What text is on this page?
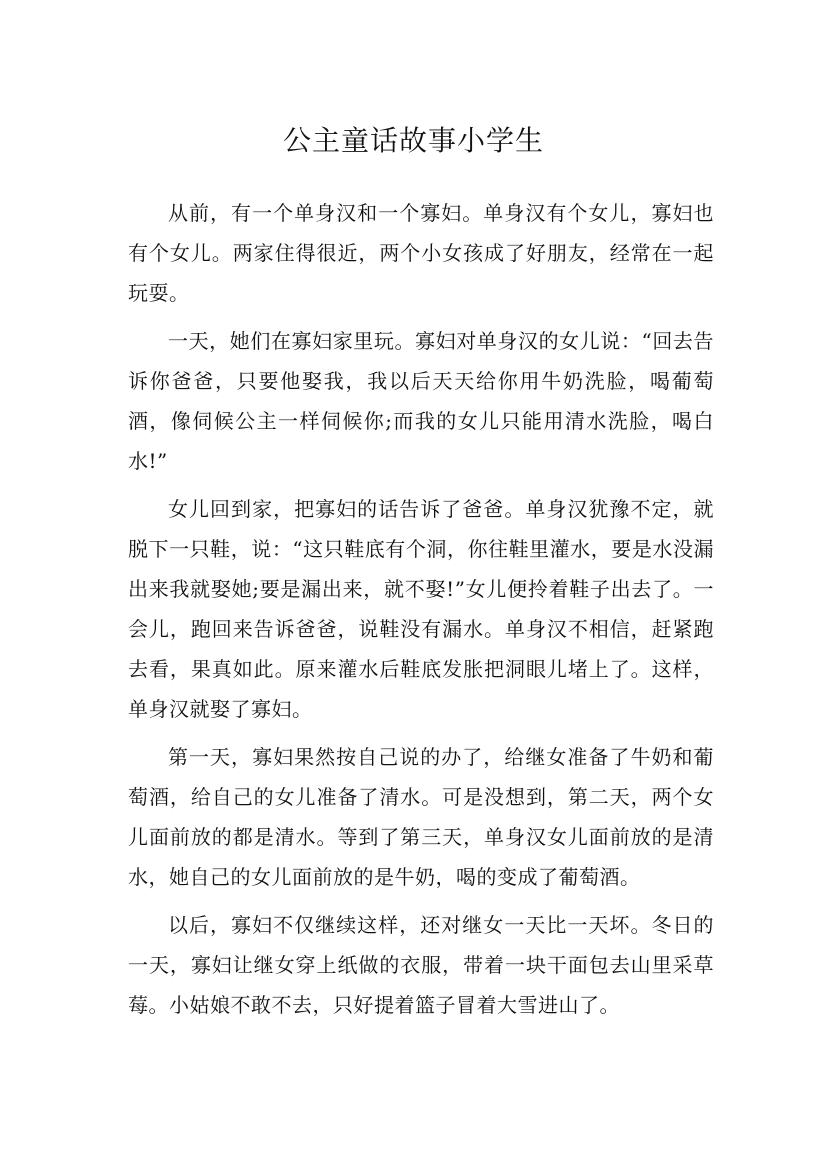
公主童话故事小学生

从前，有一个单身汉和一个寡妇。单身汉有个女儿，寡妇也有个女儿。两家住得很近，两个小女孩成了好朋友，经常在一起玩耍。

一天，她们在寡妇家里玩。寡妇对单身汉的女儿说：“回去告诉你爸爸，只要他娶我，我以后天天给你用牛奶洗脸，喝葡萄酒，像伺候公主一样伺候你;而我的女儿只能用清水洗脸，喝白水!”

女儿回到家，把寡妇的话告诉了爸爸。单身汉犹豫不定，就脱下一只鞋，说：“这只鞋底有个洞，你往鞋里灌水，要是水没漏出来我就娶她;要是漏出来，就不娶!”女儿便拎着鞋子出去了。一会儿，跑回来告诉爸爸，说鞋没有漏水。单身汉不相信，赶紧跑去看，果真如此。原来灌水后鞋底发胀把洞眼儿堵上了。这样，单身汉就娶了寡妇。

第一天，寡妇果然按自己说的办了，给继女准备了牛奶和葡萄酒，给自己的女儿准备了清水。可是没想到，第二天，两个女儿面前放的都是清水。等到了第三天，单身汉女儿面前放的是清水，她自己的女儿面前放的是牛奶，喝的变成了葡萄酒。

以后，寡妇不仅继续这样，还对继女一天比一天坏。冬日的一天，寡妇让继女穿上纸做的衣服，带着一块干面包去山里采草莓。小姑娘不敢不去，只好提着篮子冒着大雪进山了。
